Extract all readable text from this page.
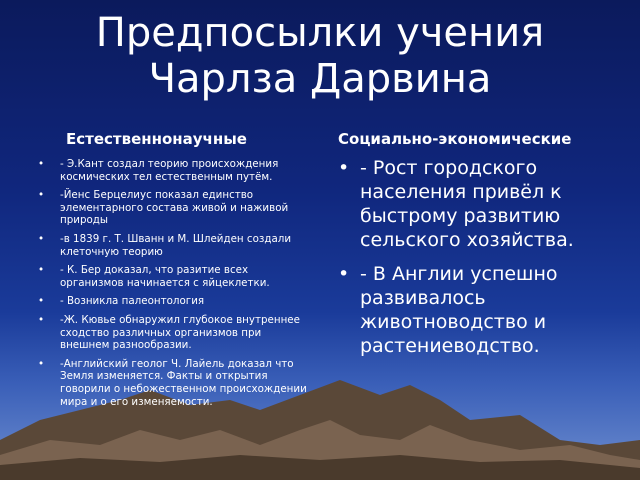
Предпосылки учения
Чарлза Дарвина
Естественнонаучные	Социально-экономические
• - Э.Кант создал теорию происхождения космических тел естественным путём.
• -Йенс Берцелиус показал единство элементарного состава живой и наживой природы
• -в 1839 г. Т. Шванн и М. Шлейден создали клеточную теорию
• - К. Бер доказал, что разитие всех организмов начинается с яйцеклетки.
• - Возникла палеонтология
• -Ж. Кювье обнаружил глубокое внутреннее сходство различных организмов при внешнем разнообразии.
• -Английский геолог Ч. Лайель доказал что Земля изменяется. Факты и открытия говорили о небожественном происхождении мира и о его изменяемости.
• - Рост городского населения привёл к быстрому развитию сельского хозяйства.
• - В Англии успешно развивалось животноводство и растениеводство.
